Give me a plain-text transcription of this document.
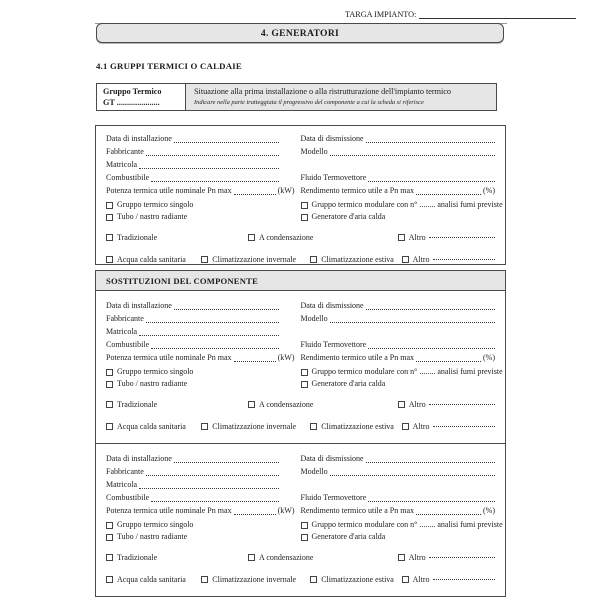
TARGA IMPIANTO:
4. GENERATORI
4.1 GRUPPI TERMICI O CALDAIE
Gruppo Termico
GT .....................
Situazione alla prima installazione o alla ristrutturazione dell'impianto termico
Indicare nella parte tratteggiata il progressivo del componente a cui la scheda si riferisce
Data di installazione	Data di dismissione
Fabbricante	Modello
Matricola
Combustibile	Fluido Termovettore
Potenza termica utile nominale Pn max	(kW) Rendimento termico utile a Pn max	(%)
Gruppo termico singolo	Gruppo termico modulare con n° ........ analisi fumi previste
Tubo / nastro radiante	Generatore d'aria calda
Tradizionale	A condensazione	Altro
Acqua calda sanitaria	Climatizzazione invernale	Climatizzazione estiva Altro
SOSTITUZIONI DEL COMPONENTE
Data di installazione	Data di dismissione
Fabbricante	Modello
Matricola
Combustibile	Fluido Termovettore
Potenza termica utile nominale Pn max	(kW) Rendimento termico utile a Pn max	(%)
Gruppo termico singolo	Gruppo termico modulare con n° ........ analisi fumi previste
Tubo / nastro radiante	Generatore d'aria calda
Tradizionale	A condensazione	Altro
Acqua calda sanitaria	Climatizzazione invernale	Climatizzazione estiva Altro
Data di installazione	Data di dismissione
Fabbricante	Modello
Matricola
Combustibile	Fluido Termovettore
Potenza termica utile nominale Pn max	(kW) Rendimento termico utile a Pn max	(%)
Gruppo termico singolo	Gruppo termico modulare con n° ........ analisi fumi previste
Tubo / nastro radiante	Generatore d'aria calda
Tradizionale	A condensazione	Altro
Acqua calda sanitaria	Climatizzazione invernale	Climatizzazione estiva Altro
